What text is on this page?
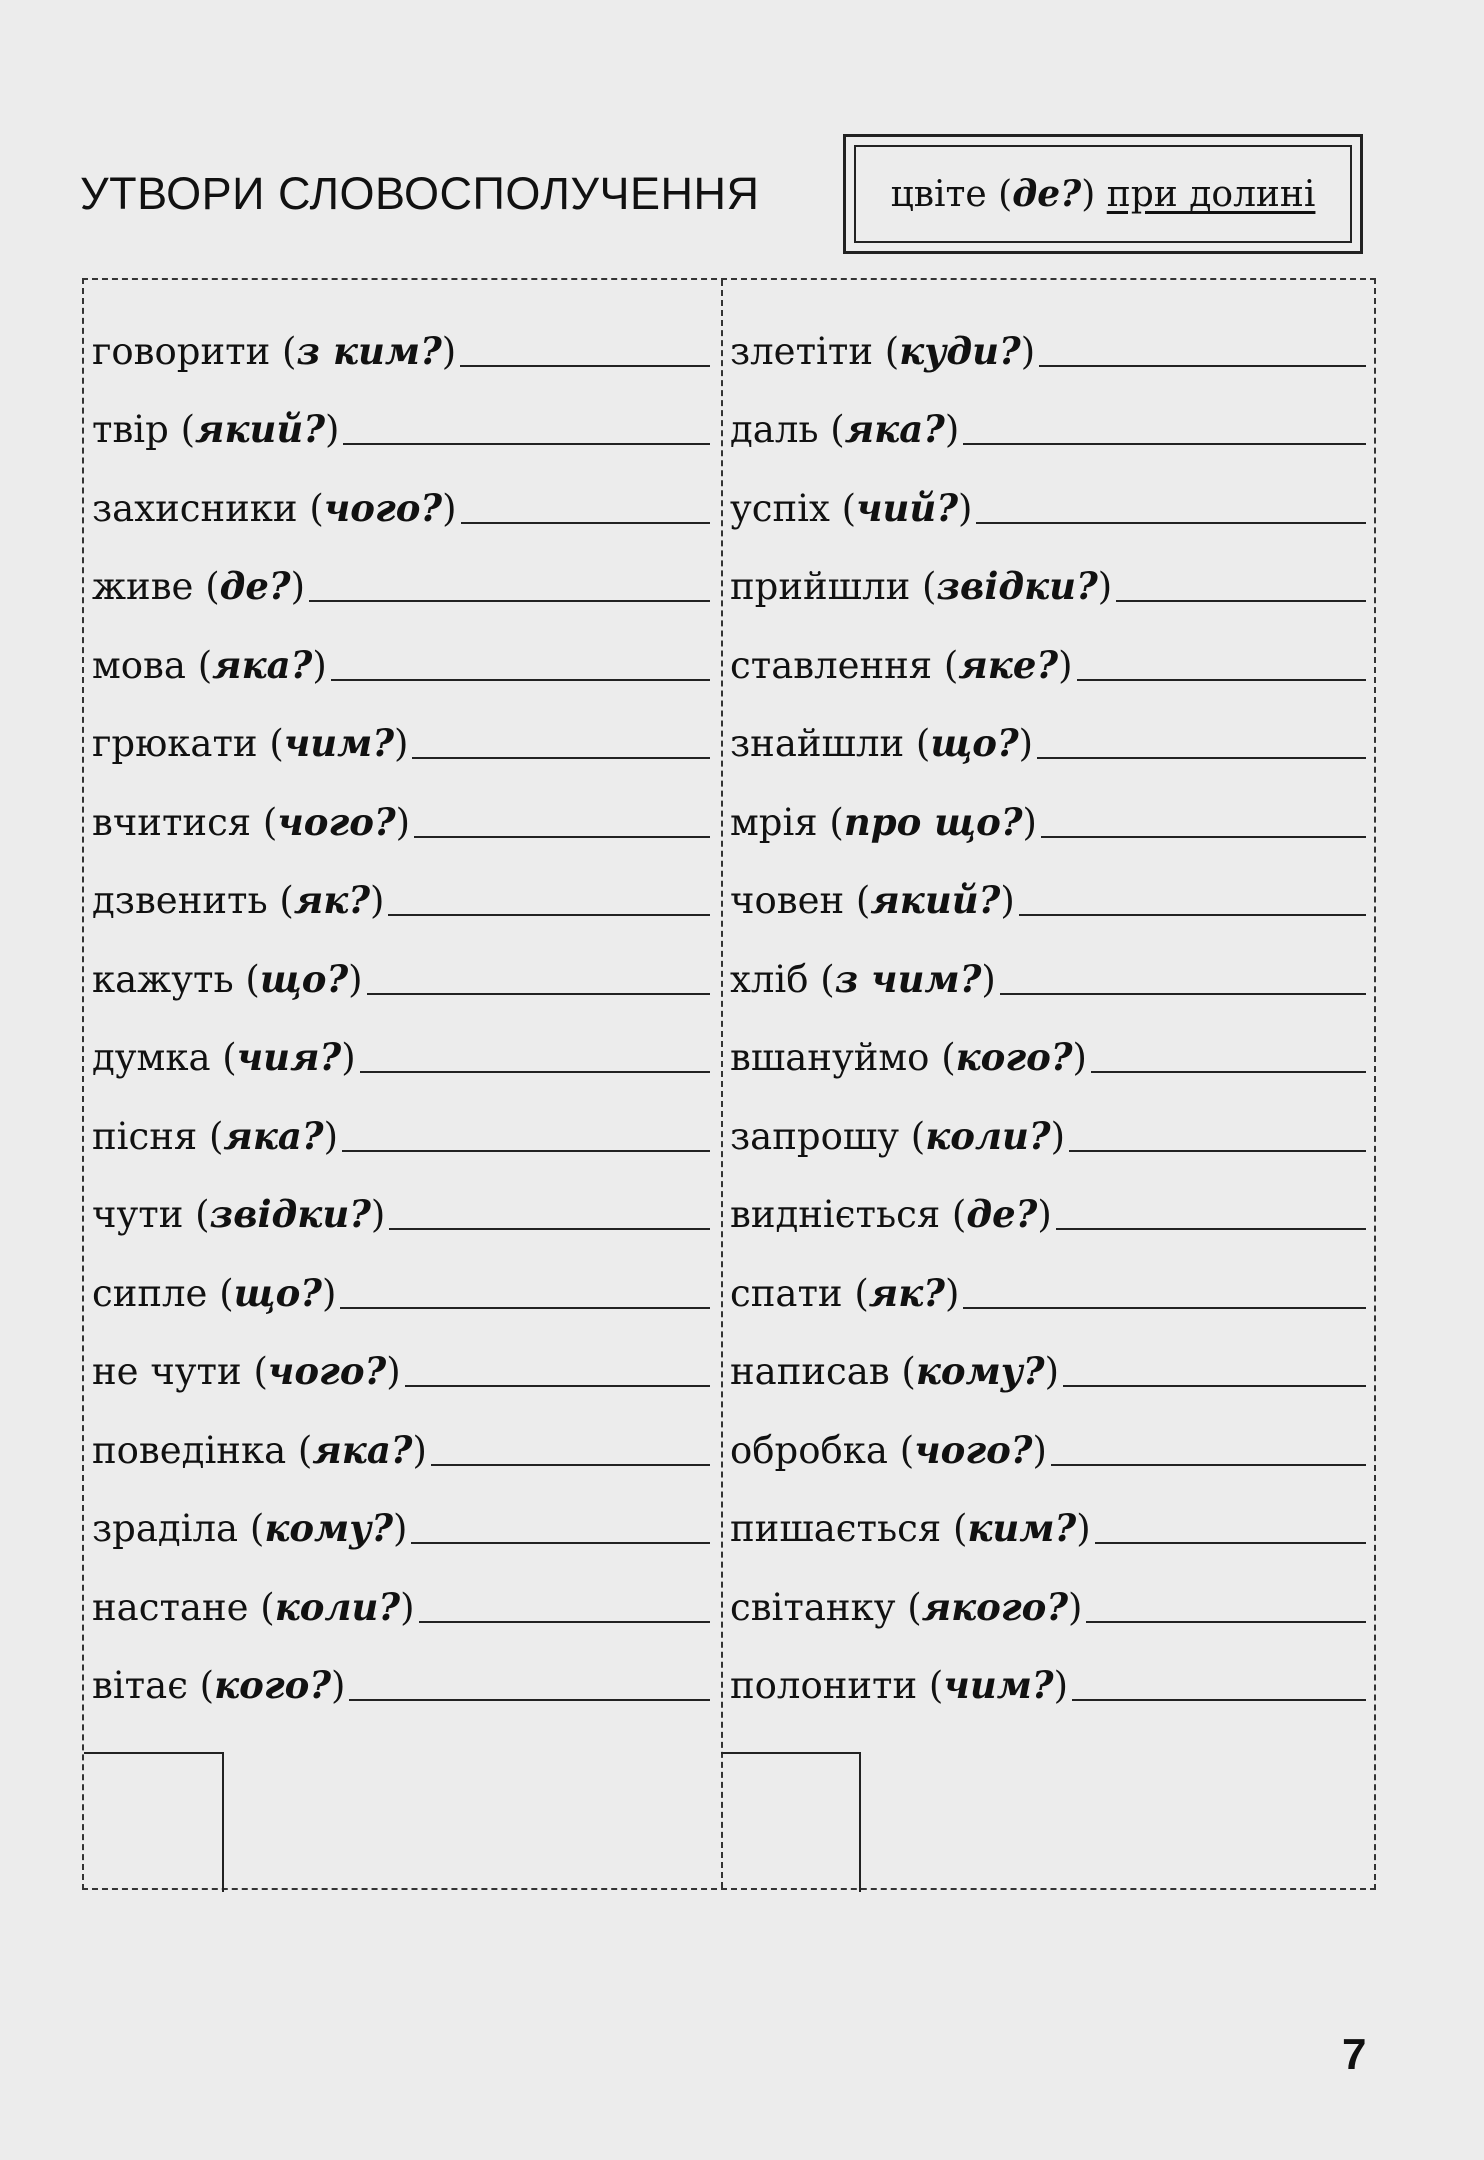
УТВОРИ СЛОВОСПОЛУЧЕННЯ	цвіте ( де? ) при долині
говорити (з ким?)
твір (який?)
захисники (чого?)
живе (де?)
мова (яка?)
грюкати (чим?)
вчитися (чого?)
дзвенить (як?)
кажуть (що?)
думка (чия?)
пісня (яка?)
чути (звідки?)
сипле (що?)
не чути (чого?)
поведінка (яка?)
зраділа (кому?)
настане (коли?)
вітає (кого?)
злетіти (куди?)
даль (яка?)
успіх (чий?)
прийшли (звідки?)
ставлення (яке?)
знайшли (що?)
мрія (про що?)
човен (який?)
хліб (з чим?)
вшануймо (кого?)
запрошу (коли?)
видніється (де?)
спати (як?)
написав (кому?)
обробка (чого?)
пишається (ким?)
світанку (якого?)
полонити (чим?)
7
